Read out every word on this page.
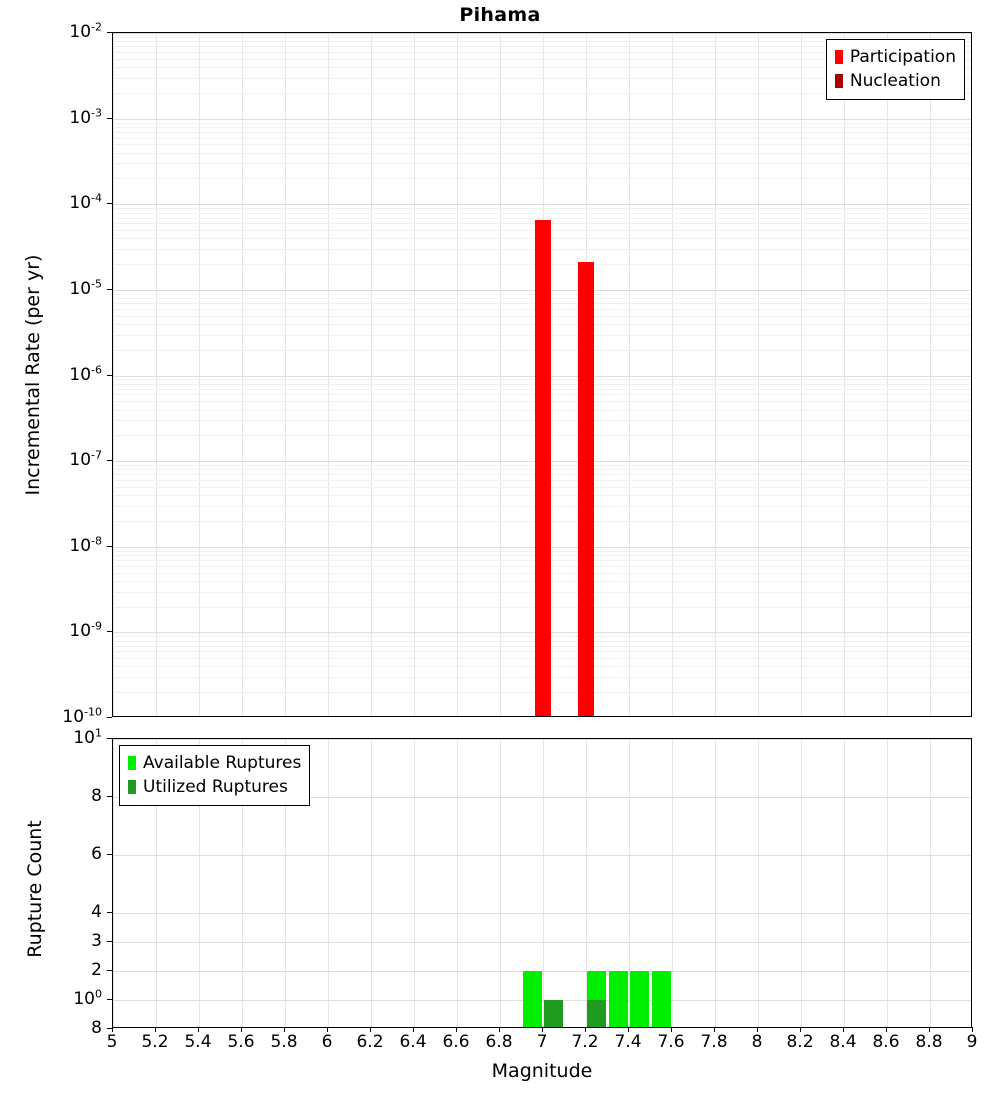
Pihama
Participation
Nucleation
$10^{-2}$
$10^{-3}$
$10^{-4}$
$10^{-5}$
$10^{-6}$
$10^{-7}$
$10^{-8}$
$10^{-9}$
$10^{-10}$
Incremental Rate (per yr)
Available Ruptures
Utilized Ruptures
$10^1$
8
6
4
3
2
$10^0$
8
Rupture Count
5 5.2 5.4 5.6 5.8 6 6.2 6.4 6.6 6.8 7 7.2 7.4 7.6 7.8 8 8.2 8.4 8.6 8.8 9
Magnitude
